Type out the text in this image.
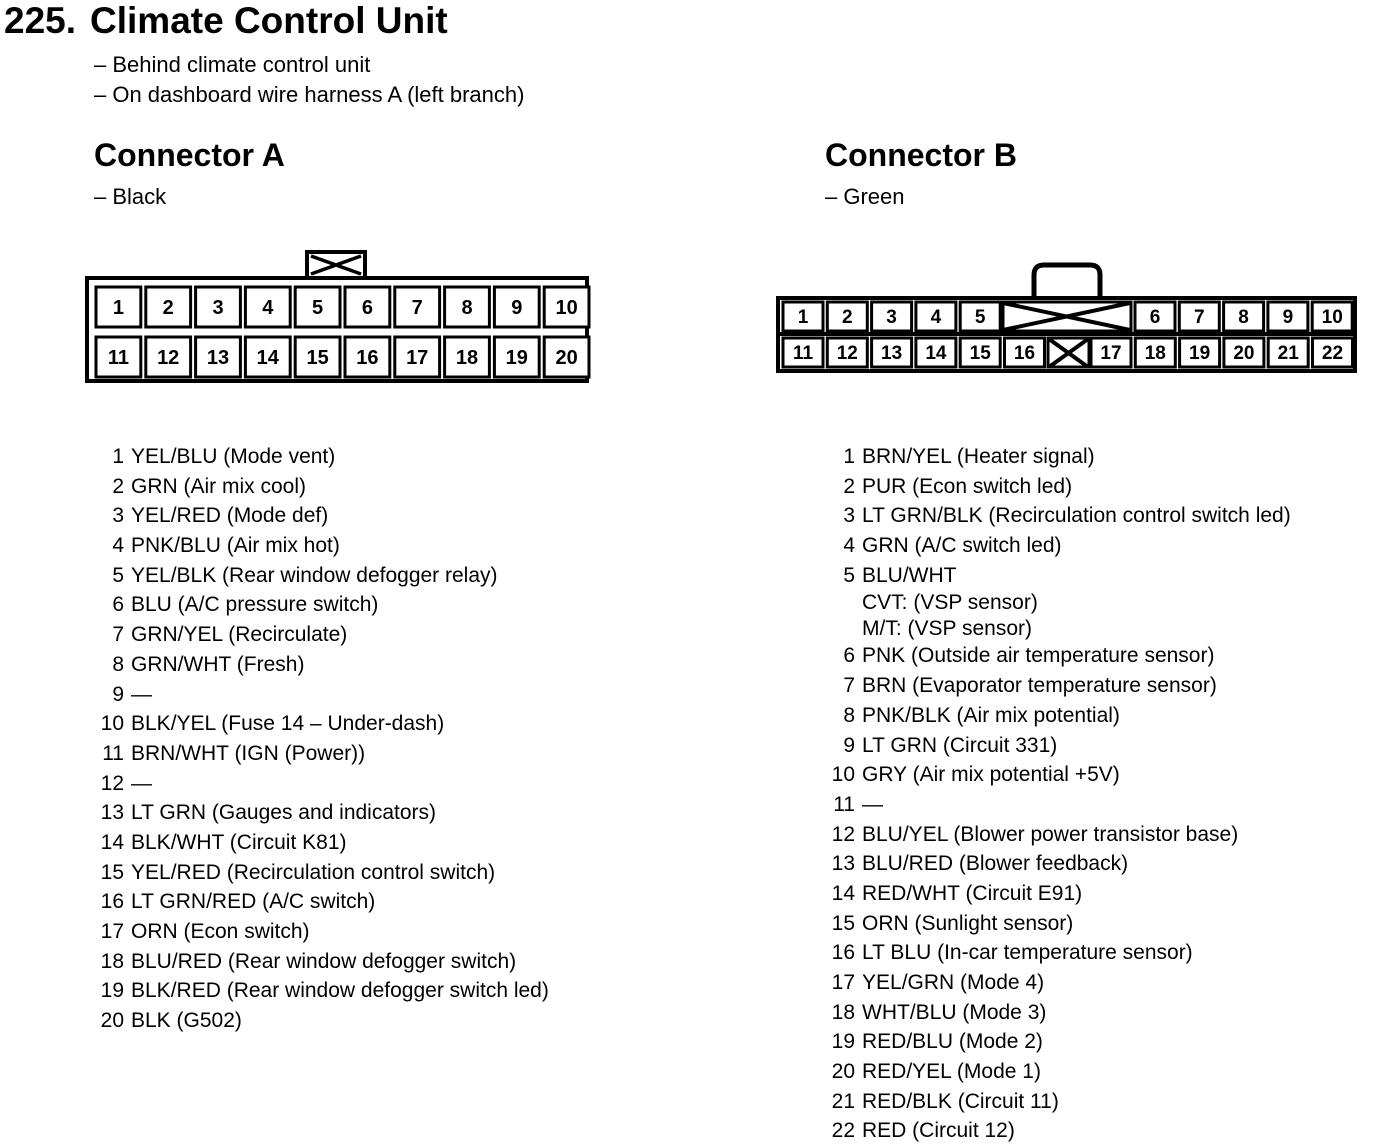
225. Climate Control Unit
– Behind climate control unit
– On dashboard wire harness A (left branch)
Connector A
– Black
Connector B
– Green
1 2 3 4 5 6 7 8 9 10
11 12 13 14 15 16 17 18 19 20
1 2 3 4 5	6 7 8 9 10
11 12 13 14 15 16	17 18 19 20 21 22
1 YEL/BLU (Mode vent)
2 GRN (Air mix cool)
3 YEL/RED (Mode def)
4 PNK/BLU (Air mix hot)
5 YEL/BLK (Rear window defogger relay)
6 BLU (A/C pressure switch)
7 GRN/YEL (Recirculate)
8 GRN/WHT (Fresh)
9 —
10 BLK/YEL (Fuse 14 – Under-dash)
11 BRN/WHT (IGN (Power))
12 —
13 LT GRN (Gauges and indicators)
14 BLK/WHT (Circuit K81)
15 YEL/RED (Recirculation control switch)
16 LT GRN/RED (A/C switch)
17 ORN (Econ switch)
18 BLU/RED (Rear window defogger switch)
19 BLK/RED (Rear window defogger switch led)
20 BLK (G502)
1 BRN/YEL (Heater signal)
2 PUR (Econ switch led)
3 LT GRN/BLK (Recirculation control switch led)
4 GRN (A/C switch led)
5 BLU/WHT
CVT: (VSP sensor)
M/T: (VSP sensor)
6 PNK (Outside air temperature sensor)
7 BRN (Evaporator temperature sensor)
8 PNK/BLK (Air mix potential)
9 LT GRN (Circuit 331)
10 GRY (Air mix potential +5V)
11 —
12 BLU/YEL (Blower power transistor base)
13 BLU/RED (Blower feedback)
14 RED/WHT (Circuit E91)
15 ORN (Sunlight sensor)
16 LT BLU (In-car temperature sensor)
17 YEL/GRN (Mode 4)
18 WHT/BLU (Mode 3)
19 RED/BLU (Mode 2)
20 RED/YEL (Mode 1)
21 RED/BLK (Circuit 11)
22 RED (Circuit 12)
